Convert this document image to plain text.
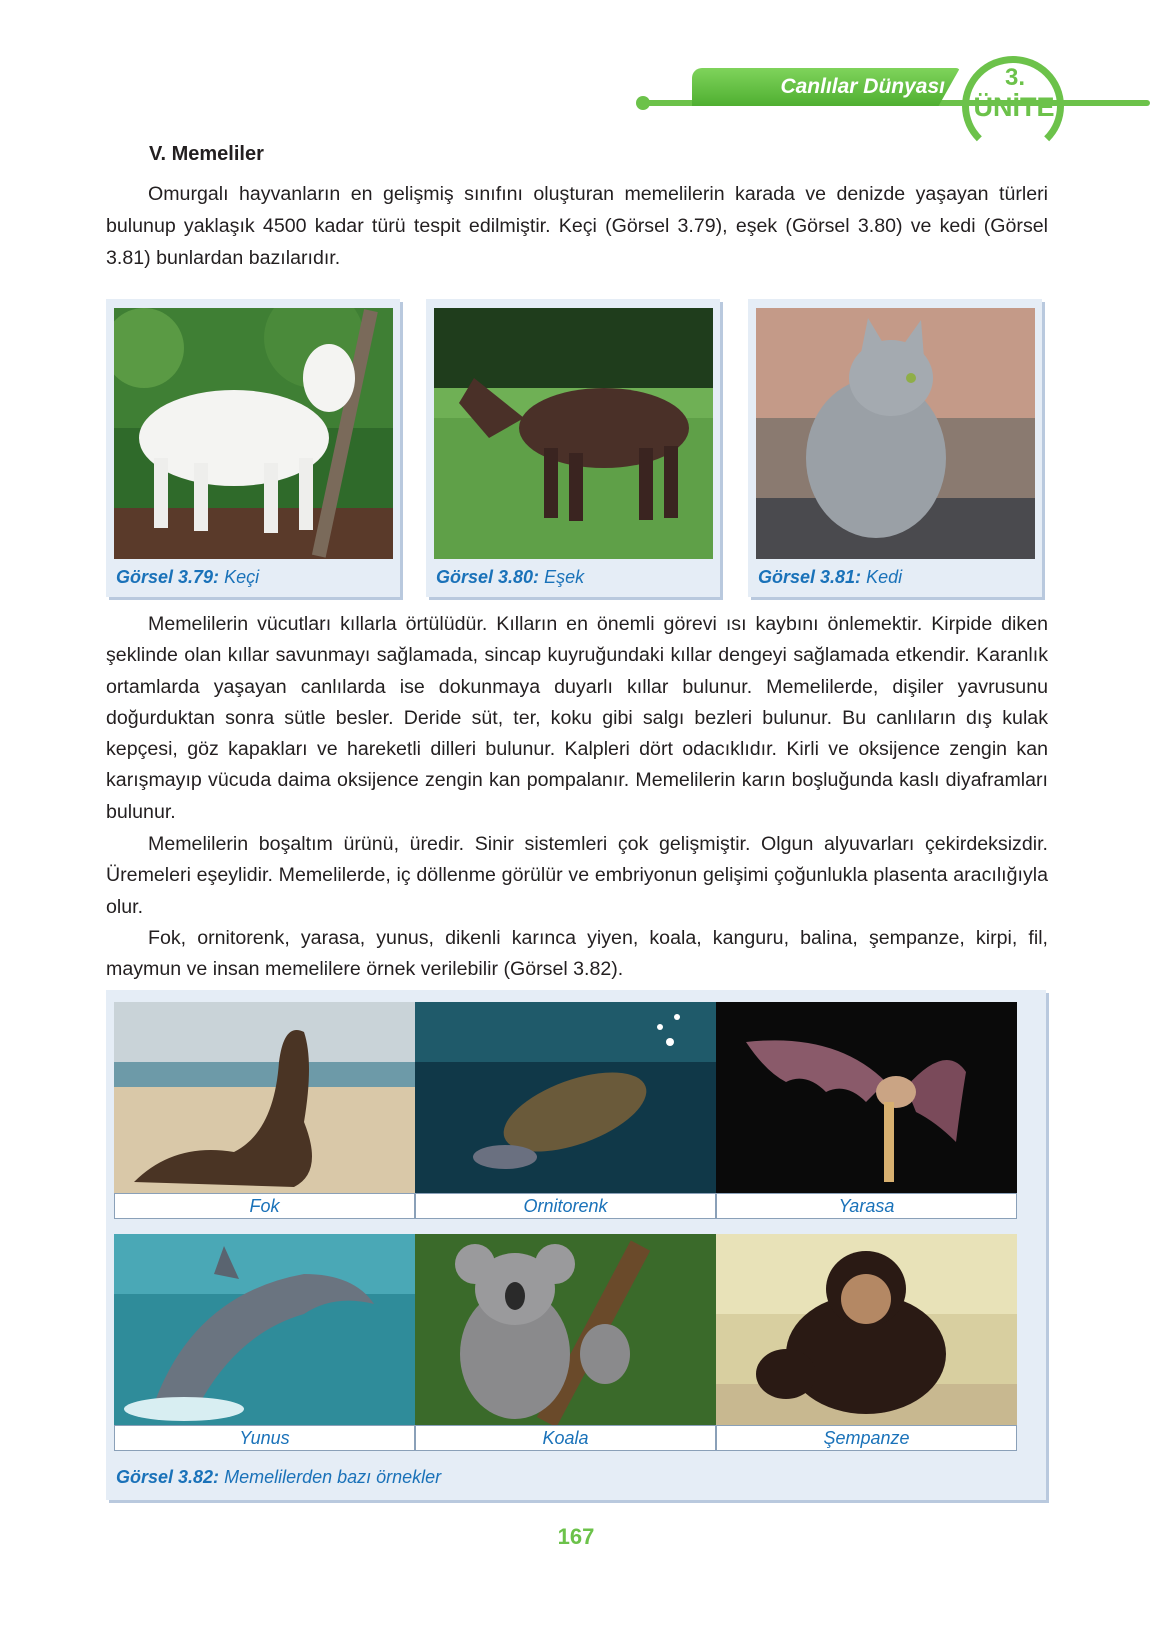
Canlılar Dünyası	3.
ÜNİTE
V. Memeliler

Omurgalı hayvanların en gelişmiş sınıfını oluşturan memelilerin karada ve denizde yaşayan türleri bulunup yaklaşık 4500 kadar türü tespit edilmiştir. Keçi (Görsel 3.79), eşek (Görsel 3.80) ve kedi (Görsel 3.81) bunlardan bazılarıdır.

Görsel 3.79: Keçi	Görsel 3.80: Eşek	Görsel 3.81: Kedi

Memelilerin vücutları kıllarla örtülüdür. Kılların en önemli görevi ısı kaybını önlemektir. Kirpide diken şeklinde olan kıllar savunmayı sağlamada, sincap kuyruğundaki kıllar dengeyi sağlamada etkendir. Karanlık ortamlarda yaşayan canlılarda ise dokunmaya duyarlı kıllar bulunur. Memelilerde, dişiler yavrusunu doğurduktan sonra sütle besler. Deride süt, ter, koku gibi salgı bezleri bulunur. Bu canlıların dış kulak kepçesi, göz kapakları ve hareketli dilleri bulunur. Kalpleri dört odacıklıdır. Kirli ve oksijence zengin kan karışmayıp vücuda daima oksijence zengin kan pompalanır. Memelilerin karın boşluğunda kaslı diyaframları bulunur.

Memelilerin boşaltım ürünü, üredir. Sinir sistemleri çok gelişmiştir. Olgun alyuvarları çekirdeksizdir. Üremeleri eşeylidir. Memelilerde, iç döllenme görülür ve embriyonun gelişimi çoğunlukla plasenta aracılığıyla olur.

Fok, ornitorenk, yarasa, yunus, dikenli karınca yiyen, koala, kanguru, balina, şempanze, kirpi, fil, maymun ve insan memelilere örnek verilebilir (Görsel 3.82).

Fok	Ornitorenk	Yarasa
Yunus	Koala	Şempanze
Görsel 3.82: Memelilerden bazı örnekler
167
